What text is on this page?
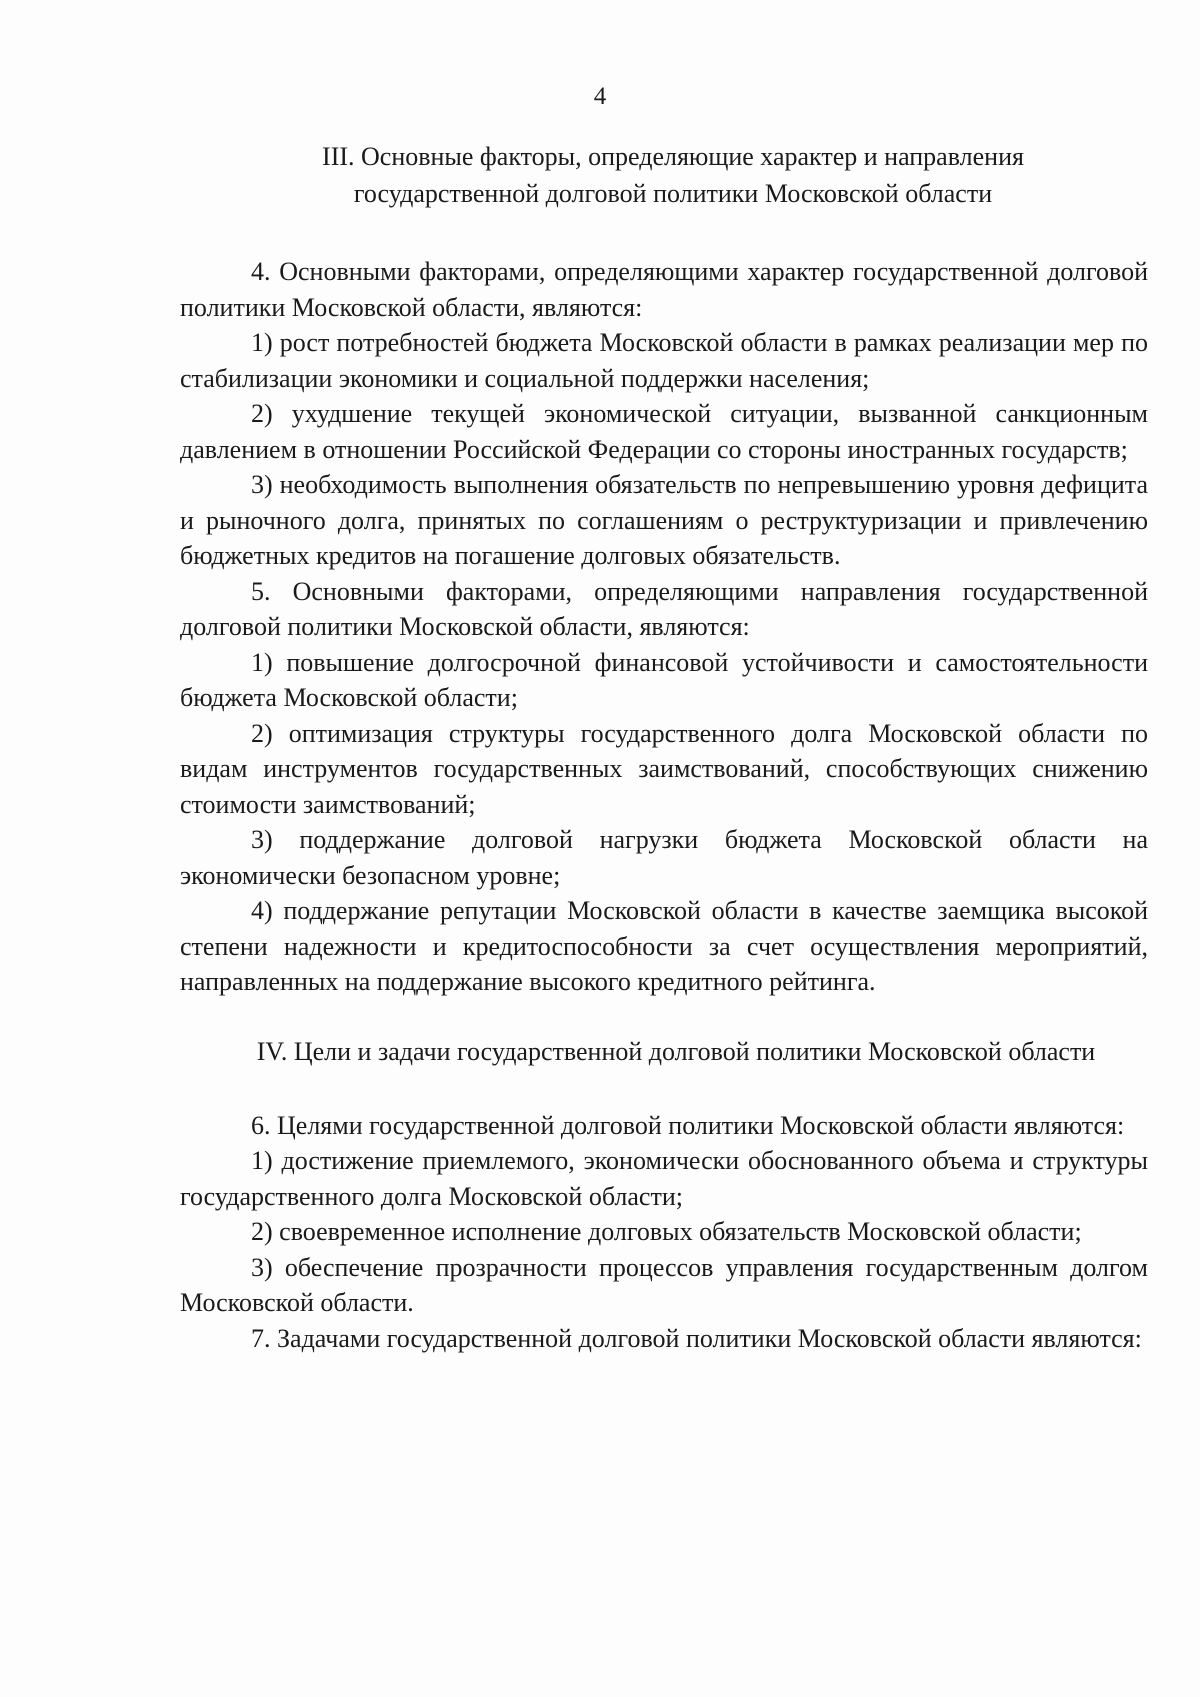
4
III. Основные факторы, определяющие характер и направления
государственной долговой политики Московской области

4. Основными факторами, определяющими характер государственной долговой политики Московской области, являются:

1) рост потребностей бюджета Московской области в рамках реализации мер по стабилизации экономики и социальной поддержки населения;

2) ухудшение текущей экономической ситуации, вызванной санкционным давлением в отношении Российской Федерации со стороны иностранных государств;

3) необходимость выполнения обязательств по непревышению уровня дефицита и рыночного долга, принятых по соглашениям о реструктуризации и привлечению бюджетных кредитов на погашение долговых обязательств.

5. Основными факторами, определяющими направления государственной долговой политики Московской области, являются:

1) повышение долгосрочной финансовой устойчивости и самостоятельности бюджета Московской области;

2) оптимизация структуры государственного долга Московской области по видам инструментов государственных заимствований, способствующих снижению стоимости заимствований;

3) поддержание долговой нагрузки бюджета Московской области на экономически безопасном уровне;

4) поддержание репутации Московской области в качестве заемщика высокой степени надежности и кредитоспособности за счет осуществления мероприятий, направленных на поддержание высокого кредитного рейтинга.

IV. Цели и задачи государственной долговой политики Московской области

6. Целями государственной долговой политики Московской области являются:

1) достижение приемлемого, экономически обоснованного объема и структуры государственного долга Московской области;

2) своевременное исполнение долговых обязательств Московской области;

3) обеспечение прозрачности процессов управления государственным долгом Московской области.

7. Задачами государственной долговой политики Московской области являются:
